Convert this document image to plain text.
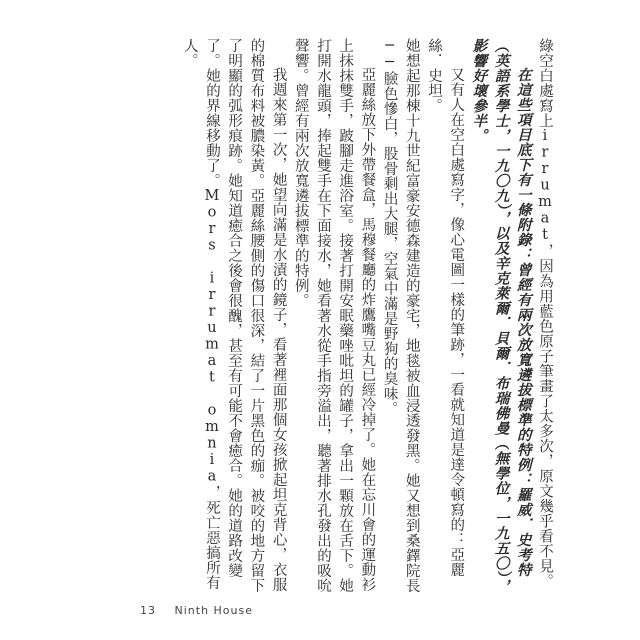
綠空白處寫上irrumat，因為用藍色原子筆畫了太多次，原文幾乎看不見。

在這些項目底下有一條附錄：曾經有兩次放寬遴拔標準的特例：羅威．史考特（英語系學士，一九〇九），以及辛克萊爾．貝爾．布瑞佛曼（無學位，一九五〇），影響好壞參半。

又有人在空白處寫字，像心電圖一樣的筆跡，一看就知道是達令頓寫的：亞麗絲．史坦。

她想起那棟十九世紀富豪安德森建造的豪宅，地毯被血浸透發黑。她又想到桑鐸院長──臉色慘白，股骨剩出大腿，空氣中滿是野狗的臭味。

亞麗絲放下外帶餐盒，馬穆餐廳的炸鷹嘴豆丸已經冷掉了。她在忘川會的運動衫上抹抹雙手，跛腳走進浴室。接著打開安眠藥唑吡坦的罐子，拿出一顆放在舌下。她打開水龍頭，捧起雙手在下面接水，她看著水從手指旁溢出，聽著排水孔發出的吸吮聲響。曾經有兩次放寬遴拔標準的特例。

我週來第一次，她望向滿是水漬的鏡子，看著裡面那個女孩掀起坦克背心，衣服的棉質布料被膿染黃。亞麗絲腰側的傷口很深，結了一片黑色的痂。被咬的地方留下了明顯的弧形痕跡。她知道癒合之後會很醜，甚至有可能不會癒合。她的道路改變了。她的界線移動了。Mors irrumat omnia，死亡惡搞所有人。

13 Ninth House
